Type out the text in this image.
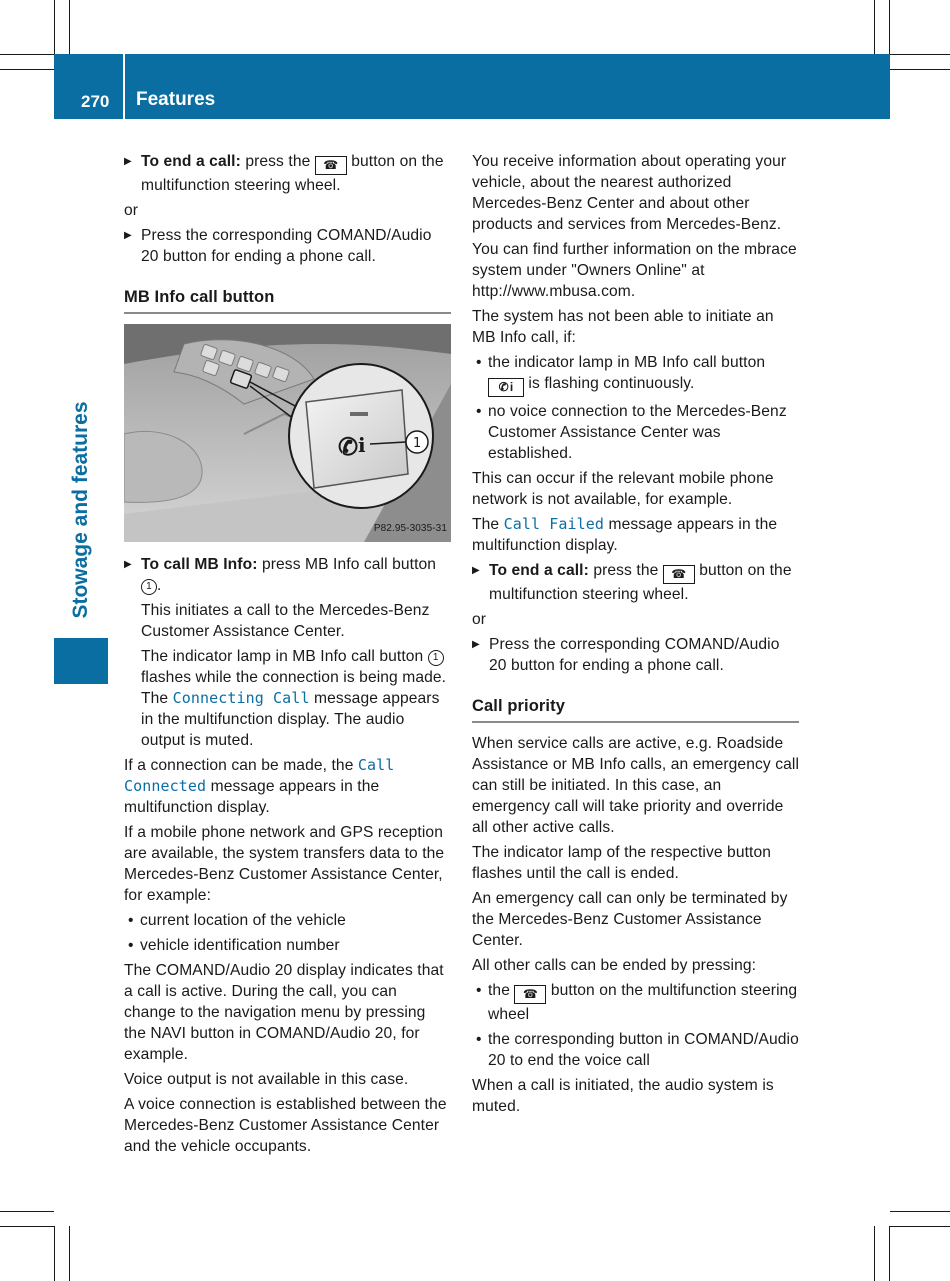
270 Features
Stowage and features
▶ To end a call: press the ☎ button on the multifunction steering wheel.

or

▶ Press the corresponding COMAND/Audio 20 button for ending a phone call.
MB Info call button
✆ i	1
P82.95-3035-31
▶ To call MB Info: press MB Info call button 1 .
This initiates a call to the Mercedes-Benz Customer Assistance Center.
The indicator lamp in MB Info call button 1 flashes while the connection is being made. The Connecting Call message appears in the multifunction display. The audio output is muted.

If a connection can be made, the Call Connected message appears in the multifunction display.

If a mobile phone network and GPS reception are available, the system transfers data to the Mercedes-Benz Customer Assistance Center, for example:

• current location of the vehicle
• vehicle identification number

The COMAND/Audio 20 display indicates that a call is active. During the call, you can change to the navigation menu by pressing the NAVI button in COMAND/Audio 20, for example.

Voice output is not available in this case.

A voice connection is established between the Mercedes-Benz Customer Assistance Center and the vehicle occupants.

You receive information about operating your vehicle, about the nearest authorized Mercedes-Benz Center and about other products and services from Mercedes-Benz.

You can find further information on the mbrace system under "Owners Online" at http://www.mbusa.com.

The system has not been able to initiate an MB Info call, if:

• the indicator lamp in MB Info call button ✆ i is flashing continuously.
• no voice connection to the Mercedes-Benz Customer Assistance Center was established.

This can occur if the relevant mobile phone network is not available, for example.

The Call Failed message appears in the multifunction display.

▶ To end a call: press the ☎ button on the multifunction steering wheel.

or

▶ Press the corresponding COMAND/Audio 20 button for ending a phone call.
Call priority

When service calls are active, e.g. Roadside Assistance or MB Info calls, an emergency call can still be initiated. In this case, an emergency call will take priority and override all other active calls.

The indicator lamp of the respective button flashes until the call is ended.

An emergency call can only be terminated by the Mercedes-Benz Customer Assistance Center.

All other calls can be ended by pressing:

• the ☎ button on the multifunction steering wheel
• the corresponding button in COMAND/Audio 20 to end the voice call

When a call is initiated, the audio system is muted.
